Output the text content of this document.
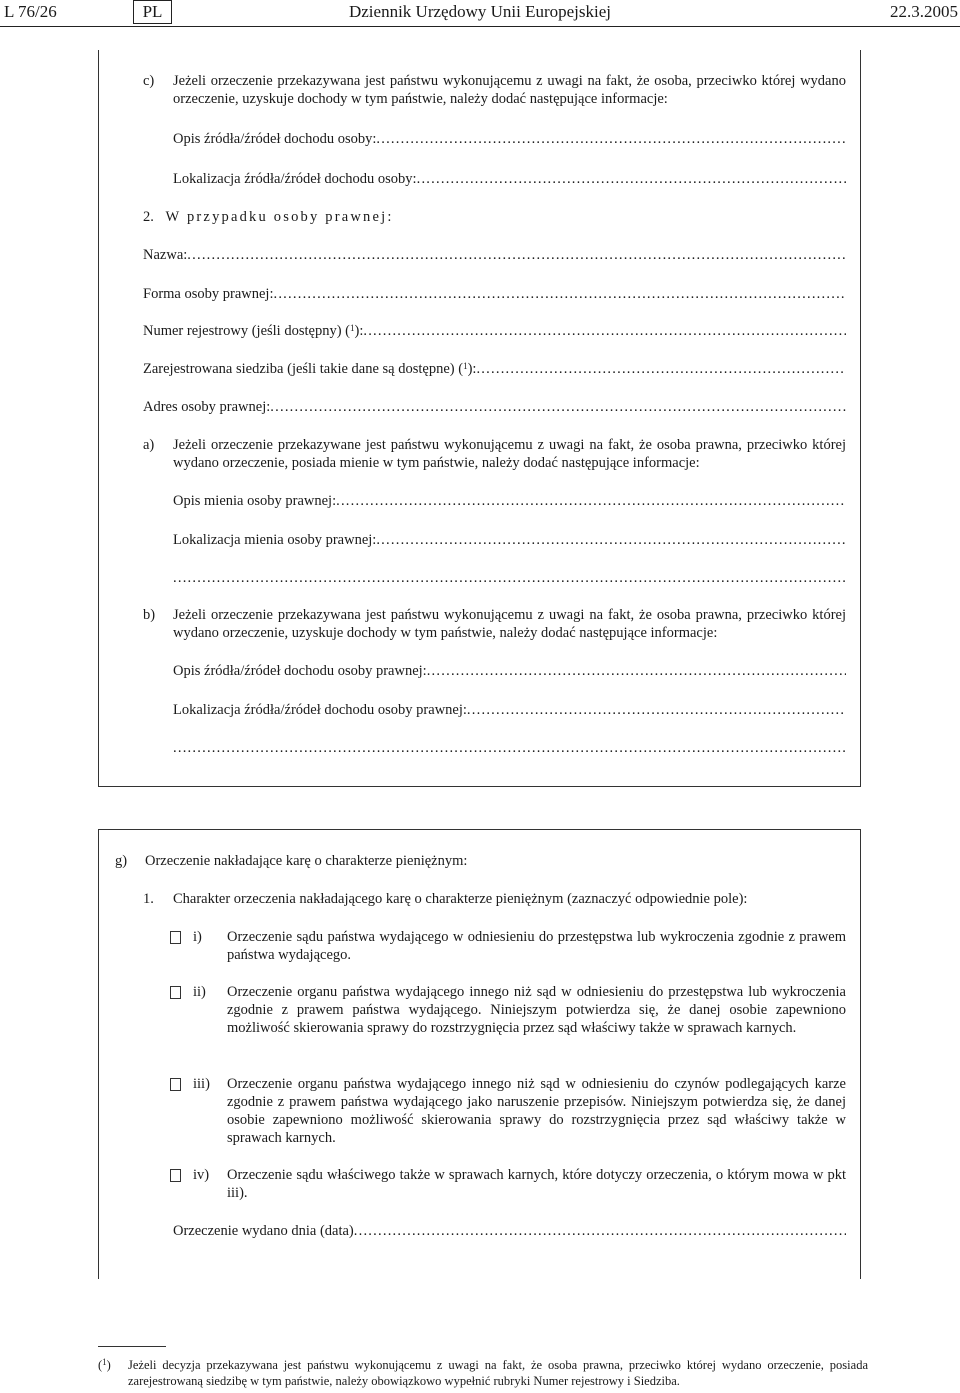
L 76/26	PL	Dziennik Urzędowy Unii Europejskiej	22.3.2005
c)	Jeżeli orzeczenie przekazywana jest państwu wykonującemu z uwagi na fakt, że osoba, przeciwko której wydano orzeczenie, uzyskuje dochody w tym państwie, należy dodać następujące informacje:
Opis źródła/źródeł dochodu osoby:
. . .
Lokalizacja źródła/źródeł dochodu osoby:
. . .
2. W przypadku osoby prawnej:
Nazwa:
. . .
Forma osoby prawnej:
. . .
Numer rejestrowy (jeśli dostępny) ($^1$):
. . .
Zarejestrowana siedziba (jeśli takie dane są dostępne) ($^1$):
. . .
Adres osoby prawnej:
. . .
a)	Jeżeli orzeczenie przekazywane jest państwu wykonującemu z uwagi na fakt, że osoba prawna, przeciwko której wydano orzeczenie, posiada mienie w tym państwie, należy dodać następujące informacje:
Opis mienia osoby prawnej:
. . .
Lokalizacja mienia osoby prawnej:
. . .
. . .
b)	Jeżeli orzeczenie przekazywana jest państwu wykonującemu z uwagi na fakt, że osoba prawna, przeciwko której wydano orzeczenie, uzyskuje dochody w tym państwie, należy dodać następujące informacje:
Opis źródła/źródeł dochodu osoby prawnej:
. . .
Lokalizacja źródła/źródeł dochodu osoby prawnej:
. . .
. . .
g)	Orzeczenie nakładające karę o charakterze pieniężnym:
1.	Charakter orzeczenia nakładającego karę o charakterze pieniężnym (zaznaczyć odpowiednie pole):
i) Orzeczenie sądu państwa wydającego w odniesieniu do przestępstwa lub wykroczenia zgodnie z prawem państwa wydającego.
ii) Orzeczenie organu państwa wydającego innego niż sąd w odniesieniu do przestępstwa lub wykroczenia zgodnie z prawem państwa wydającego. Niniejszym potwierdza się, że danej osobie zapewniono możliwość skierowania sprawy do rozstrzygnięcia przez sąd właściwy także w sprawach karnych.
iii) Orzeczenie organu państwa wydającego innego niż sąd w odniesieniu do czynów podlegających karze zgodnie z prawem państwa wydającego jako naruszenie przepisów. Niniejszym potwierdza się, że danej osobie zapewniono możliwość skierowania sprawy do rozstrzygnięcia przez sąd właściwy także w sprawach karnych.
iv) Orzeczenie sądu właściwego także w sprawach karnych, które dotyczy orzeczenia, o którym mowa w pkt iii).
Orzeczenie wydano dnia (data)
. . .
($^1$)	Jeżeli decyzja przekazywana jest państwu wykonującemu z uwagi na fakt, że osoba prawna, przeciwko której wydano orzeczenie, posiada zarejestrowaną siedzibę w tym państwie, należy obowiązkowo wypełnić rubryki Numer rejestrowy i Siedziba.
